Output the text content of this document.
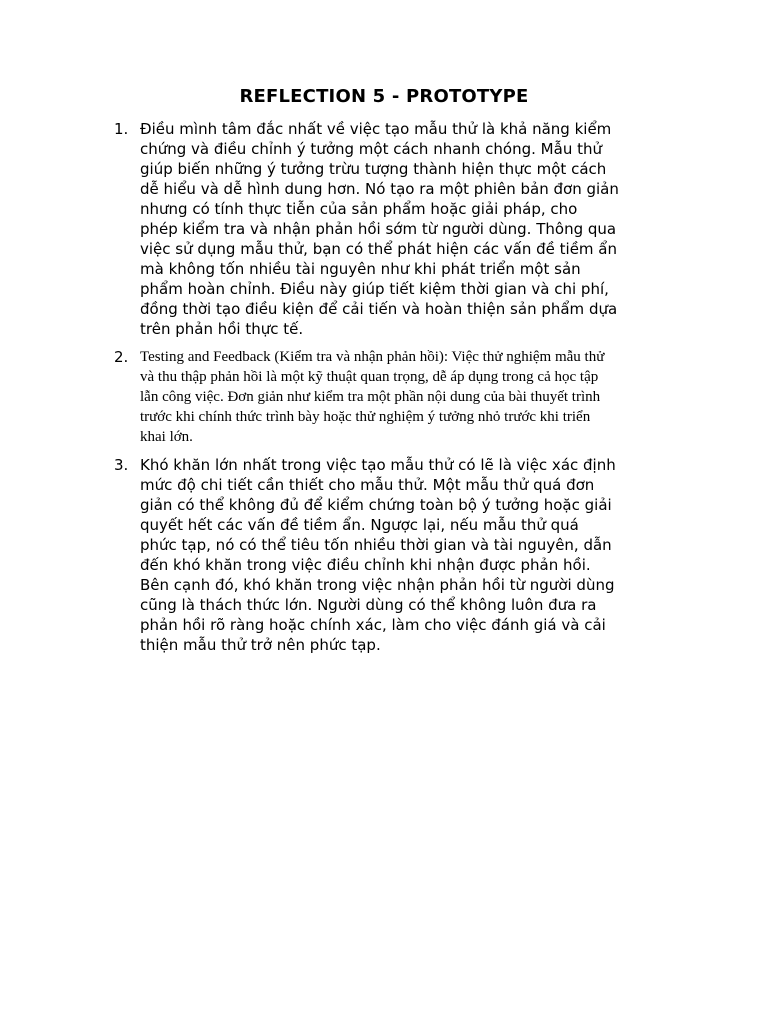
REFLECTION 5 - PROTOTYPE
1. Điều mình tâm đắc nhất về việc tạo mẫu thử là khả năng kiểm
chứng và điều chỉnh ý tưởng một cách nhanh chóng. Mẫu thử
giúp biến những ý tưởng trừu tượng thành hiện thực một cách
dễ hiểu và dễ hình dung hơn. Nó tạo ra một phiên bản đơn giản
nhưng có tính thực tiễn của sản phẩm hoặc giải pháp, cho
phép kiểm tra và nhận phản hồi sớm từ người dùng. Thông qua
việc sử dụng mẫu thử, bạn có thể phát hiện các vấn đề tiềm ẩn
mà không tốn nhiều tài nguyên như khi phát triển một sản
phẩm hoàn chỉnh. Điều này giúp tiết kiệm thời gian và chi phí,
đồng thời tạo điều kiện để cải tiến và hoàn thiện sản phẩm dựa
trên phản hồi thực tế.
2. Testing and Feedback (Kiểm tra và nhận phản hồi): Việc thử nghiệm mẫu thử
và thu thập phản hồi là một kỹ thuật quan trọng, dễ áp dụng trong cả học tập
lẫn công việc. Đơn giản như kiểm tra một phần nội dung của bài thuyết trình
trước khi chính thức trình bày hoặc thử nghiệm ý tưởng nhỏ trước khi triển
khai lớn.
3. Khó khăn lớn nhất trong việc tạo mẫu thử có lẽ là việc xác định
mức độ chi tiết cần thiết cho mẫu thử. Một mẫu thử quá đơn
giản có thể không đủ để kiểm chứng toàn bộ ý tưởng hoặc giải
quyết hết các vấn đề tiềm ẩn. Ngược lại, nếu mẫu thử quá
phức tạp, nó có thể tiêu tốn nhiều thời gian và tài nguyên, dẫn
đến khó khăn trong việc điều chỉnh khi nhận được phản hồi.
Bên cạnh đó, khó khăn trong việc nhận phản hồi từ người dùng
cũng là thách thức lớn. Người dùng có thể không luôn đưa ra
phản hồi rõ ràng hoặc chính xác, làm cho việc đánh giá và cải
thiện mẫu thử trở nên phức tạp.
